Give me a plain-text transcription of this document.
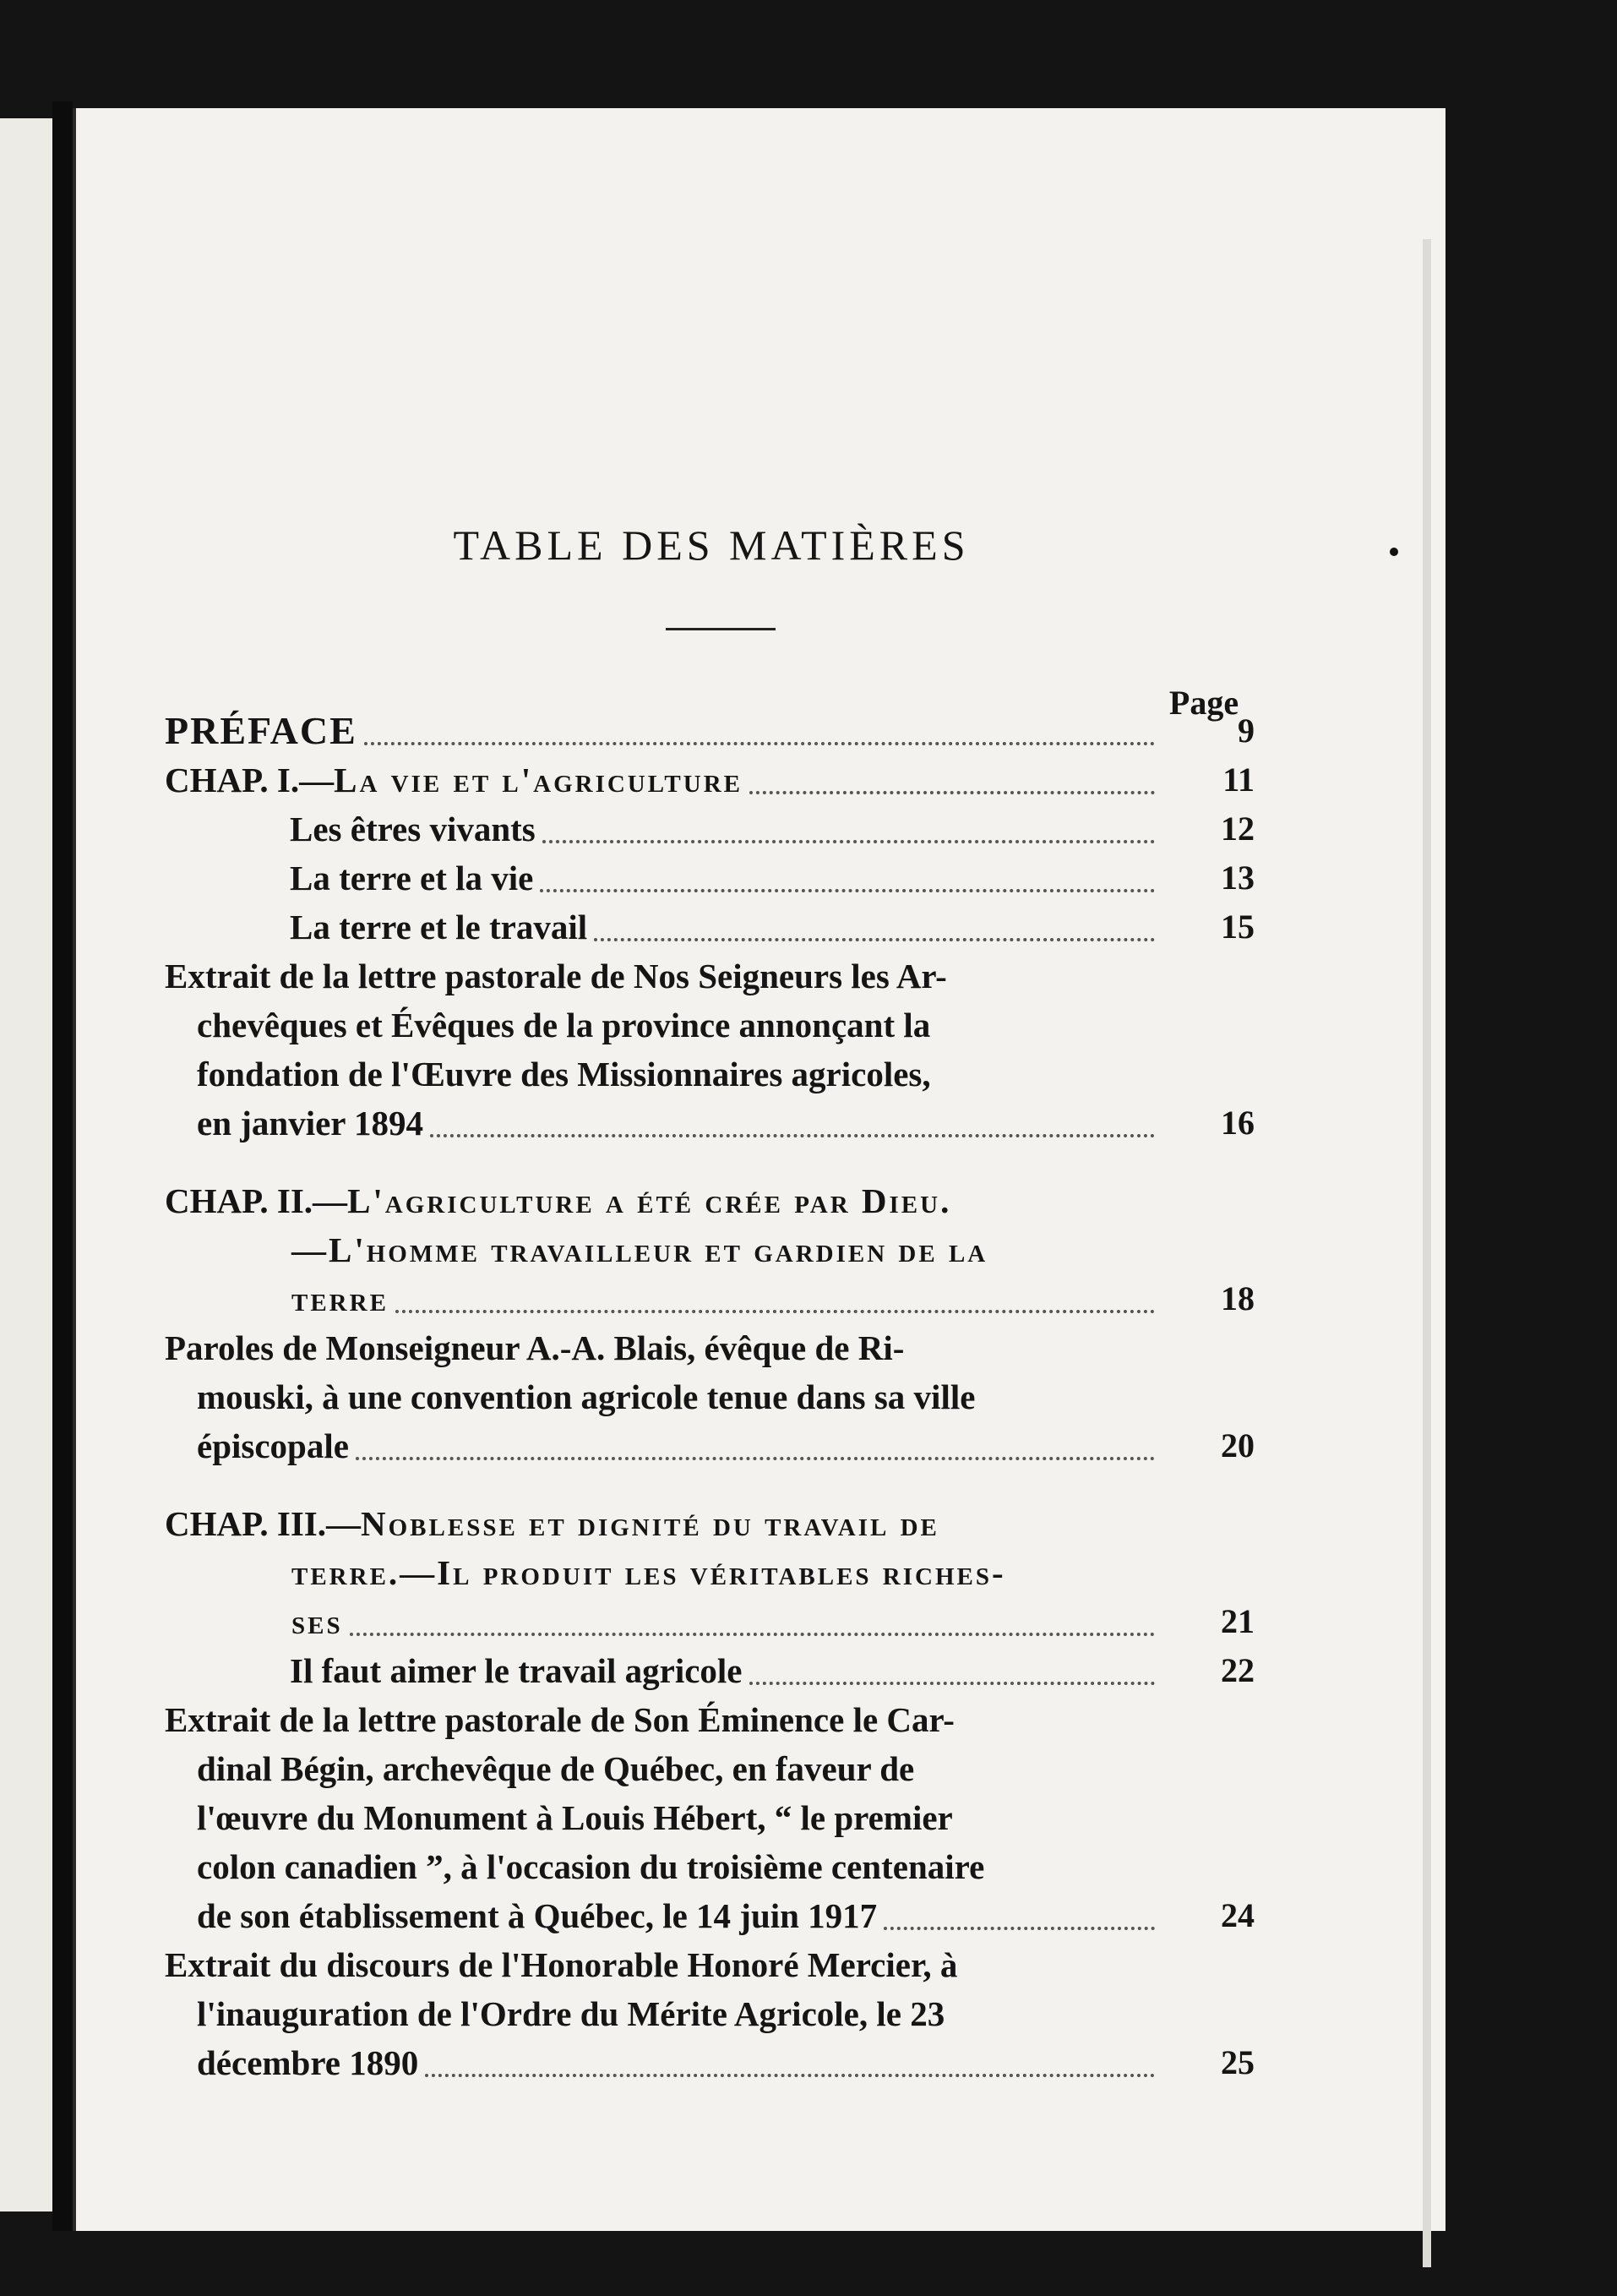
TABLE DES MATIÈRES
Page
PRÉFACE	9
CHAP. I.—La vie et l'agriculture	11
Les êtres vivants	12
La terre et la vie	13
La terre et le travail	15
Extrait de la lettre pastorale de Nos Seigneurs les Ar-
chevêques et Évêques de la province annonçant la
fondation de l'Œuvre des Missionnaires agricoles,
en janvier 1894	16
CHAP. II.—L'agriculture a été crée par Dieu.
—L'homme travailleur et gardien de la
terre	18
Paroles de Monseigneur A.-A. Blais, évêque de Ri-
mouski, à une convention agricole tenue dans sa ville
épiscopale	20
CHAP. III.—Noblesse et dignité du travail de
terre.—Il produit les véritables riches-
ses	21
Il faut aimer le travail agricole	22
Extrait de la lettre pastorale de Son Éminence le Car-
dinal Bégin, archevêque de Québec, en faveur de
l'œuvre du Monument à Louis Hébert, “ le premier
colon canadien ”, à l'occasion du troisième centenaire
de son établissement à Québec, le 14 juin 1917	24
Extrait du discours de l'Honorable Honoré Mercier, à
l'inauguration de l'Ordre du Mérite Agricole, le 23
décembre 1890	25
